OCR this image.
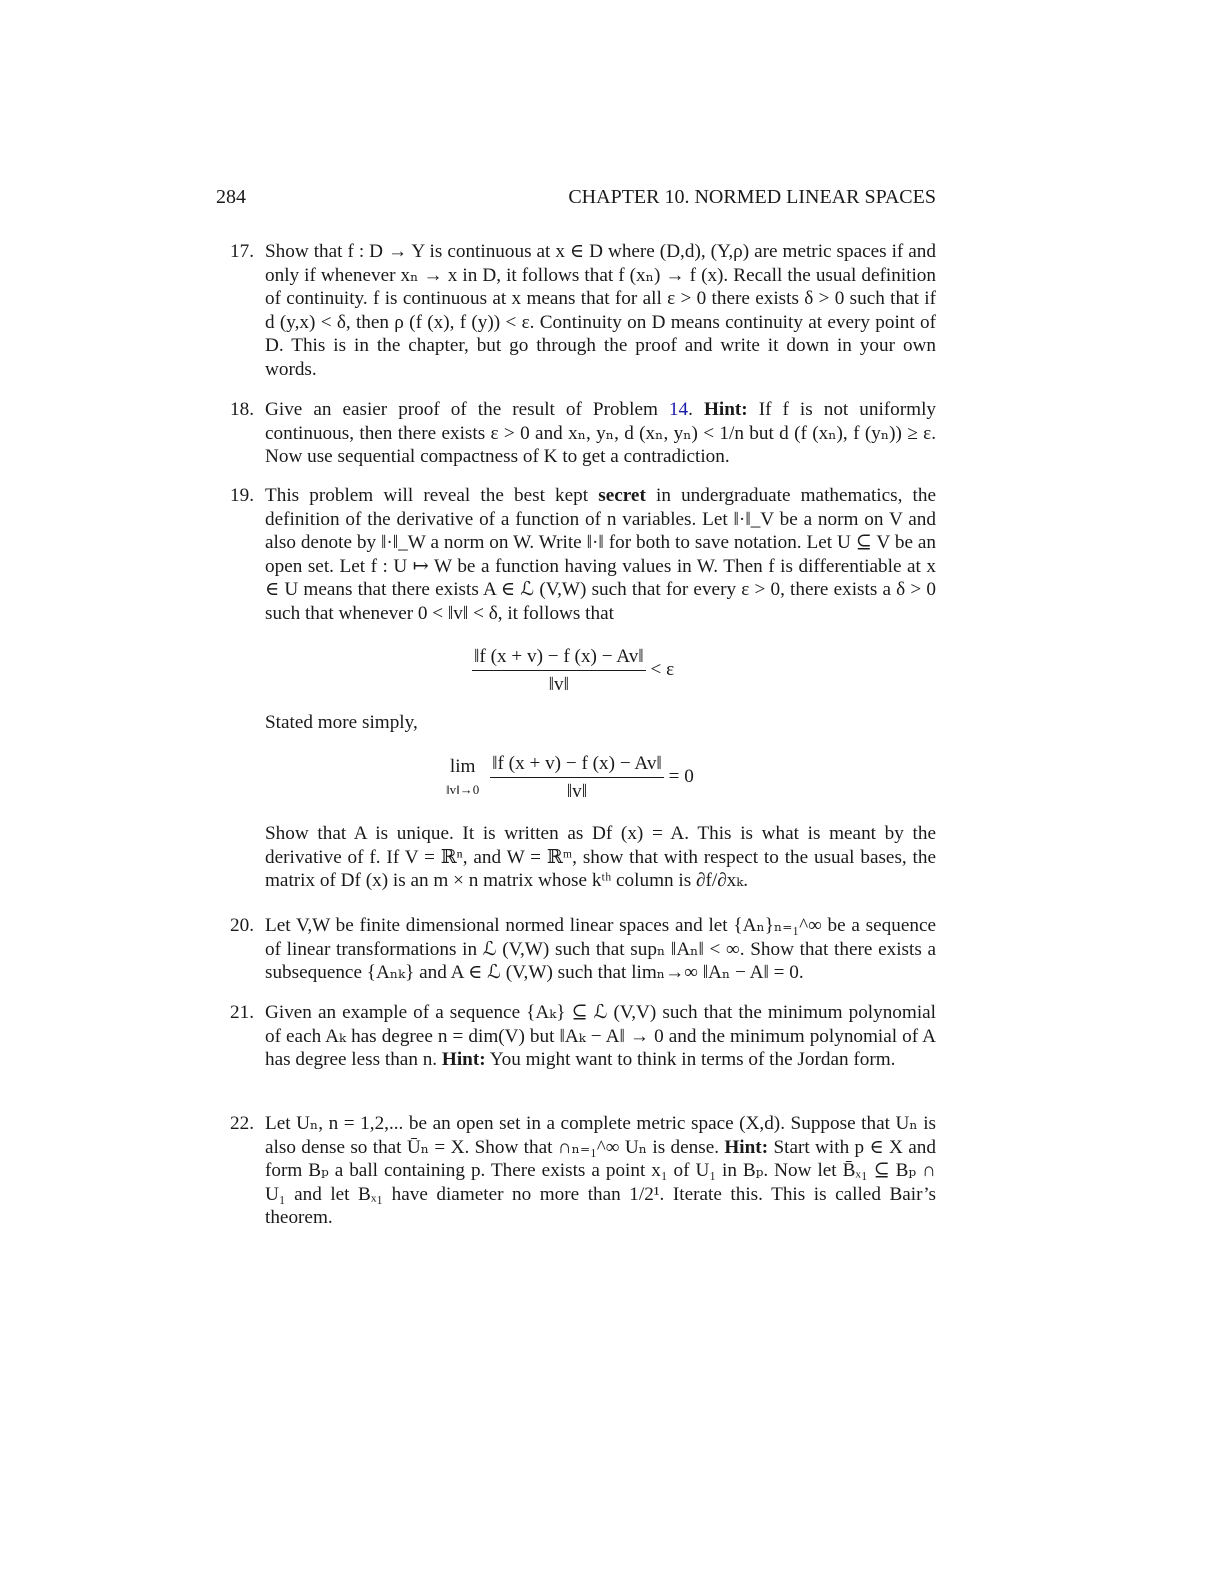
284	CHAPTER 10. NORMED LINEAR SPACES
17. Show that f : D → Y is continuous at x ∈ D where (D,d), (Y,ρ) are metric spaces if and only if whenever xₙ → x in D, it follows that f (xₙ) → f (x). Recall the usual definition of continuity. f is continuous at x means that for all ε > 0 there exists δ > 0 such that if d (y,x) < δ, then ρ (f (x), f (y)) < ε. Continuity on D means continuity at every point of D. This is in the chapter, but go through the proof and write it down in your own words.

18. Give an easier proof of the result of Problem 14. Hint: If f is not uniformly continuous, then there exists ε > 0 and xₙ, yₙ, d (xₙ, yₙ) < 1/n but d (f (xₙ), f (yₙ)) ≥ ε. Now use sequential compactness of K to get a contradiction.

19. This problem will reveal the best kept secret in undergraduate mathematics, the definition of the derivative of a function of n variables. Let ‖·‖_V be a norm on V and also denote by ‖·‖_W a norm on W. Write ‖·‖ for both to save notation. Let U ⊆ V be an open set. Let f : U ↦ W be a function having values in W. Then f is differentiable at x ∈ U means that there exists A ∈ ℒ (V,W) such that for every ε > 0, there exists a δ > 0 such that whenever 0 < ‖v‖ < δ, it follows that

$\frac{‖f (x + v) - f (x) - Av‖}{‖v‖} < \varepsilon$

Stated more simply,

lim
‖v‖→0
$\frac{‖f (x + v) - f (x) - Av‖}{‖v‖} = 0$

Show that A is unique. It is written as Df (x) = A. This is what is meant by the derivative of f. If V = ℝⁿ, and W = ℝᵐ, show that with respect to the usual bases, the matrix of Df (x) is an m × n matrix whose kᵗʰ column is ∂f/∂xₖ.

20. Let V,W be finite dimensional normed linear spaces and let {Aₙ}ₙ₌₁^∞ be a sequence of linear transformations in ℒ (V,W) such that supₙ ‖Aₙ‖ < ∞. Show that there exists a subsequence {Aₙₖ} and A ∈ ℒ (V,W) such that limₙ→∞ ‖Aₙ − A‖ = 0.

21. Given an example of a sequence {Aₖ} ⊆ ℒ (V,V) such that the minimum polynomial of each Aₖ has degree n = dim(V) but ‖Aₖ − A‖ → 0 and the minimum polynomial of A has degree less than n. Hint: You might want to think in terms of the Jordan form.

22. Let Uₙ, n = 1,2,... be an open set in a complete metric space (X,d). Suppose that Uₙ is also dense so that Ūₙ = X. Show that ∩ₙ₌₁^∞ Uₙ is dense. Hint: Start with p ∈ X and form Bₚ a ball containing p. There exists a point x₁ of U₁ in Bₚ. Now let B̄ₓ₁ ⊆ Bₚ ∩ U₁ and let Bₓ₁ have diameter no more than 1/2¹. Iterate this. This is called Bair’s theorem.
